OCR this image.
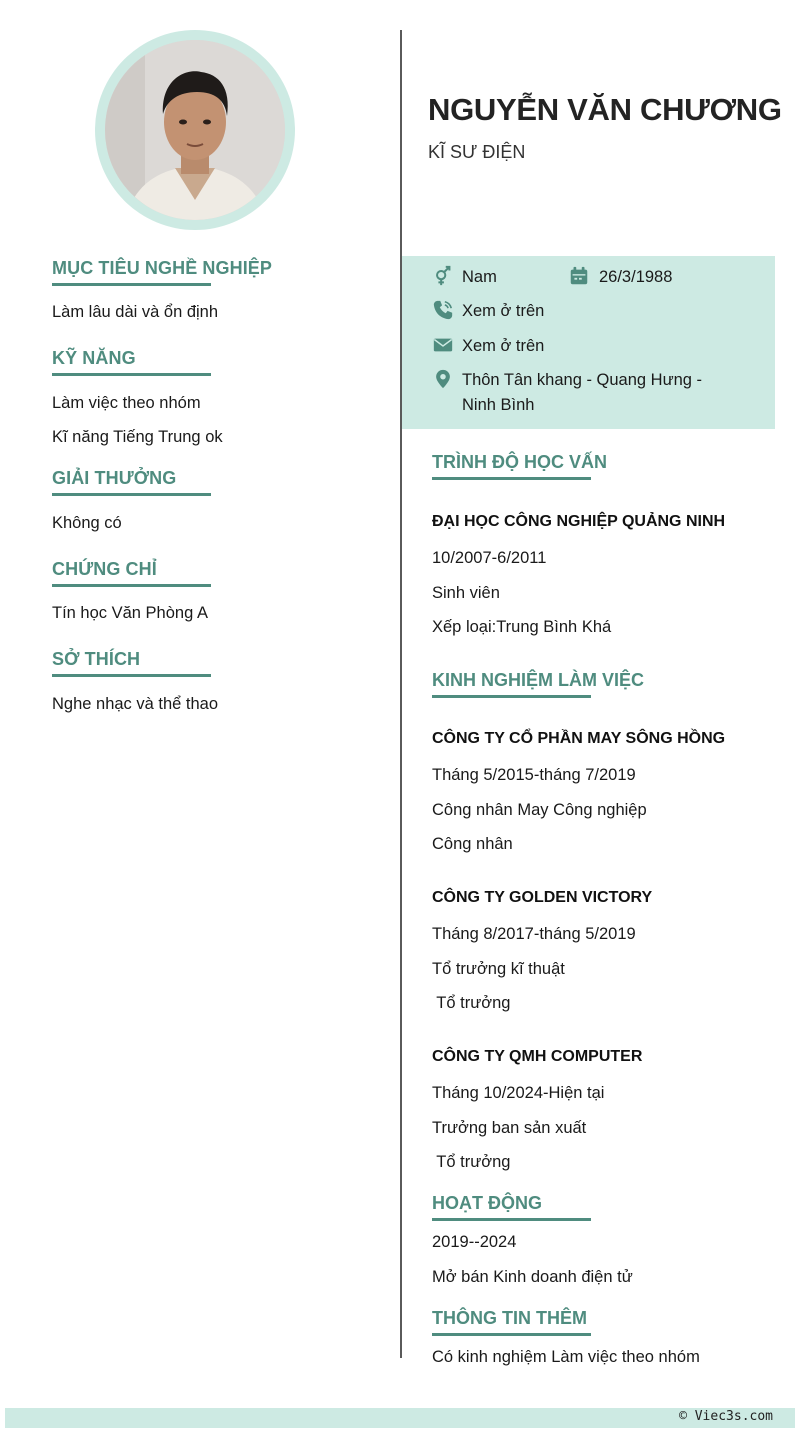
MỤC TIÊU NGHỀ NGHIỆP
Làm lâu dài và ổn định
KỸ NĂNG
Làm việc theo nhóm
Kĩ năng Tiếng Trung ok
GIẢI THƯỞNG
Không có
CHỨNG CHỈ
Tín học Văn Phòng A
SỞ THÍCH
Nghe nhạc và thể thao
NGUYỄN VĂN CHƯƠNG
KĨ SƯ ĐIỆN
Nam	26/3/1988
Xem ở trên
Xem ở trên
Thôn Tân khang - Quang Hưng -
Ninh Bình
TRÌNH ĐỘ HỌC VẤN
ĐẠI HỌC CÔNG NGHIỆP QUẢNG NINH
10/2007-6/2011
Sinh viên
Xếp loại:Trung Bình Khá
KINH NGHIỆM LÀM VIỆC
CÔNG TY CỔ PHẦN MAY SÔNG HỒNG
Tháng 5/2015-tháng 7/2019
Công nhân May Công nghiệp
Công nhân
CÔNG TY GOLDEN VICTORY
Tháng 8/2017-tháng 5/2019
Tổ trưởng kĩ thuật
Tổ trưởng
CÔNG TY QMH COMPUTER
Tháng 10/2024-Hiện tại
Trưởng ban sản xuất
Tổ trưởng
HOẠT ĐỘNG
2019--2024
Mở bán Kinh doanh điện tử
THÔNG TIN THÊM
Có kinh nghiệm Làm việc theo nhóm
© Viec3s.com
